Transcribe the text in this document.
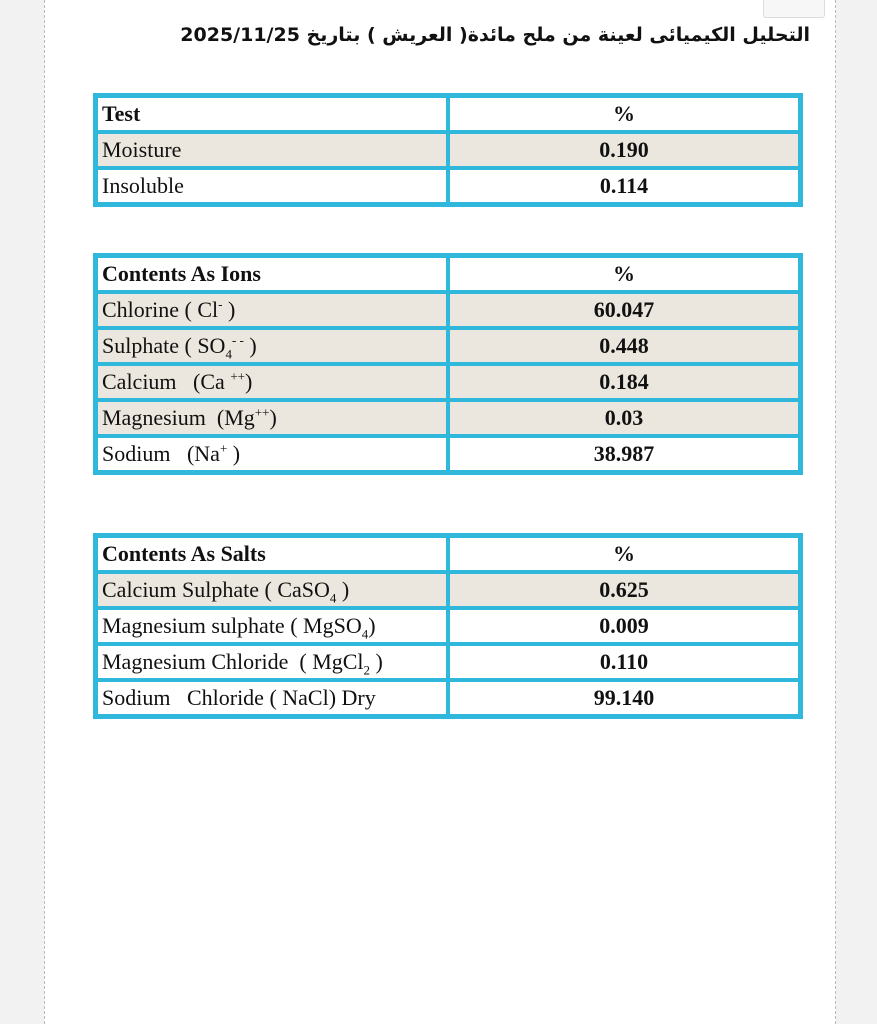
التحليل الكيميائى لعينة من ملح مائدة( العريش ) بتاريخ 2025/11/25
Test	%
Moisture	0.190
Insoluble	0.114
Contents As Ions	%
Chlorine ( Cl- )	60.047
Sulphate ( $SO_4^{- -}$ )	0.448
Calcium   (Ca ++)	0.184
Magnesium  (Mg++)	0.03
Sodium   (Na+ )	38.987
Contents As Salts	%
Calcium Sulphate ( CaSO$_4$ )	0.625
Magnesium sulphate ( MgSO$_4$)	0.009
Magnesium Chloride  ( MgCl$_2$ )	0.110
Sodium   Chloride ( NaCl) Dry	99.140
